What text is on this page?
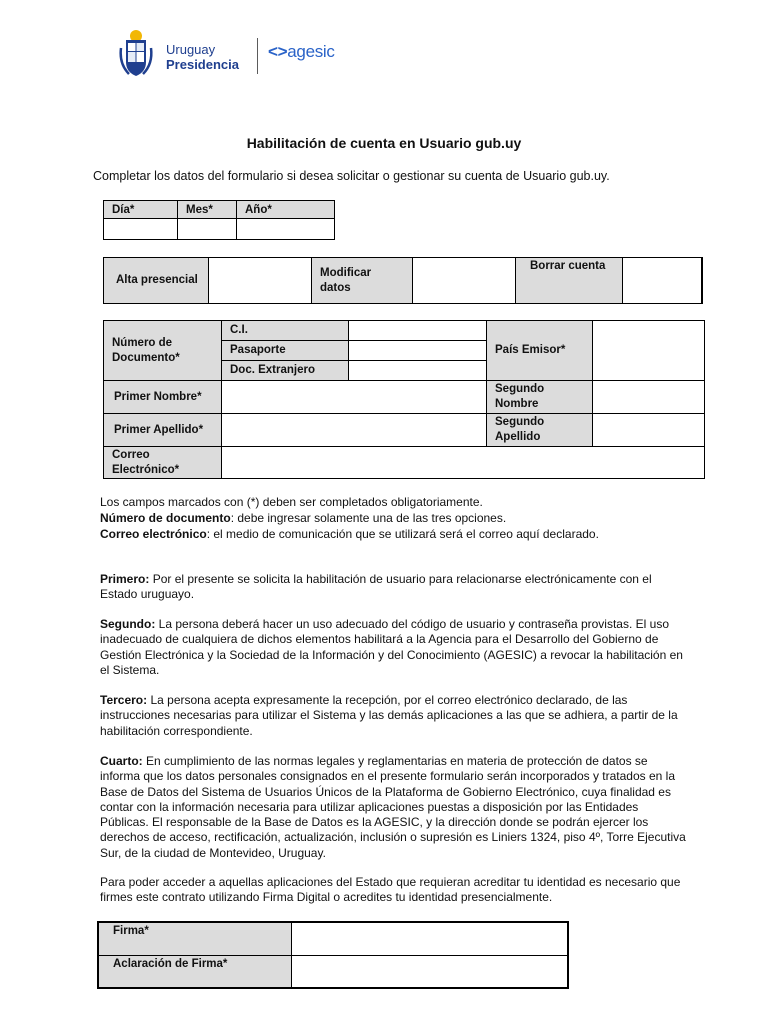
Uruguay
Presidencia
<>agesic
Habilitación de cuenta en Usuario gub.uy
Completar los datos del formulario si desea solicitar o gestionar su cuenta de Usuario gub.uy.
Día*	Mes*	Año*

Alta presencial		Modificar datos		Borrar cuenta	
Número de Documento*	C.I.		País Emisor*	
	Pasaporte			
	Doc. Extranjero			
Primer Nombre*			Segundo Nombre	
Primer Apellido*			Segundo Apellido	
Correo Electrónico*				
Los campos marcados con (*) deben ser completados obligatoriamente.
Número de documento: debe ingresar solamente una de las tres opciones.
Correo electrónico: el medio de comunicación que se utilizará será el correo aquí declarado.
Primero: Por el presente se solicita la habilitación de usuario para relacionarse electrónicamente con el Estado uruguayo.
Segundo: La persona deberá hacer un uso adecuado del código de usuario y contraseña provistas. El uso inadecuado de cualquiera de dichos elementos habilitará a la Agencia para el Desarrollo del Gobierno de Gestión Electrónica y la Sociedad de la Información y del Conocimiento (AGESIC) a revocar la habilitación en el Sistema.
Tercero: La persona acepta expresamente la recepción, por el correo electrónico declarado, de las instrucciones necesarias para utilizar el Sistema y las demás aplicaciones a las que se adhiera, a partir de la habilitación correspondiente.
Cuarto: En cumplimiento de las normas legales y reglamentarias en materia de protección de datos se informa que los datos personales consignados en el presente formulario serán incorporados y tratados en la Base de Datos del Sistema de Usuarios Únicos de la Plataforma de Gobierno Electrónico, cuya finalidad es contar con la información necesaria para utilizar aplicaciones puestas a disposición por las Entidades Públicas. El responsable de la Base de Datos es la AGESIC, y la dirección donde se podrán ejercer los derechos de acceso, rectificación, actualización, inclusión o supresión es Liniers 1324, piso 4º, Torre Ejecutiva Sur, de la ciudad de Montevideo, Uruguay.
Para poder acceder a aquellas aplicaciones del Estado que requieran acreditar tu identidad es necesario que firmes este contrato utilizando Firma Digital o acredites tu identidad presencialmente.
Firma*	
Aclaración de Firma*	
